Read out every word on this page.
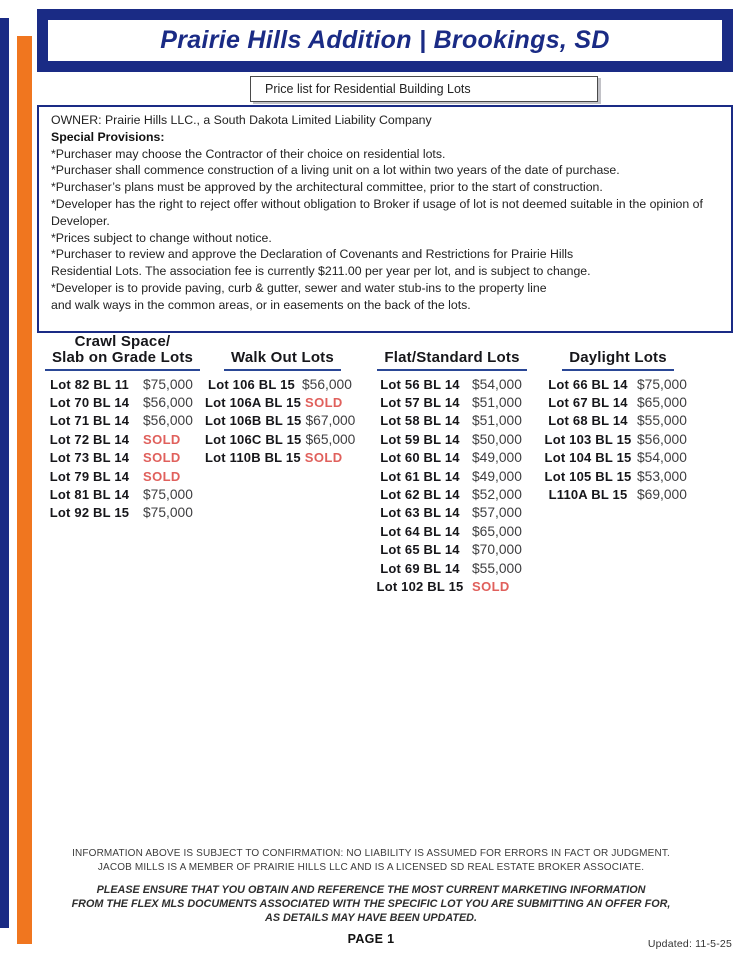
Prairie Hills Addition | Brookings, SD
Price list for Residential Building Lots
OWNER: Prairie Hills LLC., a South Dakota Limited Liability Company
Special Provisions:
*Purchaser may choose the Contractor of their choice on residential lots.
*Purchaser shall commence construction of a living unit on a lot within two years of the date of purchase.
*Purchaser’s plans must be approved by the architectural committee, prior to the start of construction.
*Developer has the right to reject offer without obligation to Broker if usage of lot is not deemed suitable in the opinion of
Developer.
*Prices subject to change without notice.
*Purchaser to review and approve the Declaration of Covenants and Restrictions for Prairie Hills
Residential Lots. The association fee is currently $211.00 per year per lot, and is subject to change.
*Developer is to provide paving, curb & gutter, sewer and water stub-ins to the property line
and walk ways in the common areas, or in easements on the back of the lots.
Crawl Space/
Slab on Grade Lots
Lot 82 BL 11	$75,000
Lot 70 BL 14 $56,000
Lot 71 BL 14 $56,000
Lot 72 BL 14	SOLD
Lot 73 BL 14	SOLD
Lot 79 BL 14	SOLD
Lot 81 BL 14 $75,000
Lot 92 BL 15 $75,000
Walk Out Lots
Lot 106 BL 15 $56,000
Lot 106A BL 15 SOLD
Lot 106B BL 15 $67,000
Lot 106C BL 15 $65,000
Lot 110B BL 15 SOLD
Flat/Standard Lots
Lot 56 BL 14 $54,000
Lot 57 BL 14 $51,000
Lot 58 BL 14 $51,000
Lot 59 BL 14 $50,000
Lot 60 BL 14 $49,000
Lot 61 BL 14 $49,000
Lot 62 BL 14 $52,000
Lot 63 BL 14 $57,000
Lot 64 BL 14 $65,000
Lot 65 BL 14 $70,000
Lot 69 BL 14 $55,000
Lot 102 BL 15 SOLD
Daylight Lots
Lot 66 BL 14 $75,000
Lot 67 BL 14 $65,000
Lot 68 BL 14 $55,000
Lot 103 BL 15 $56,000
Lot 104 BL 15 $54,000
Lot 105 BL 15 $53,000
L110A BL 15 $69,000
INFORMATION ABOVE IS SUBJECT TO CONFIRMATION: NO LIABILITY IS ASSUMED FOR ERRORS IN FACT OR JUDGMENT.
JACOB MILLS IS A MEMBER OF PRAIRIE HILLS LLC AND IS A LICENSED SD REAL ESTATE BROKER ASSOCIATE.
PLEASE ENSURE THAT YOU OBTAIN AND REFERENCE THE MOST CURRENT MARKETING INFORMATION
FROM THE FLEX MLS DOCUMENTS ASSOCIATED WITH THE SPECIFIC LOT YOU ARE SUBMITTING AN OFFER FOR,
AS DETAILS MAY HAVE BEEN UPDATED.
PAGE 1	Updated: 11-5-25
